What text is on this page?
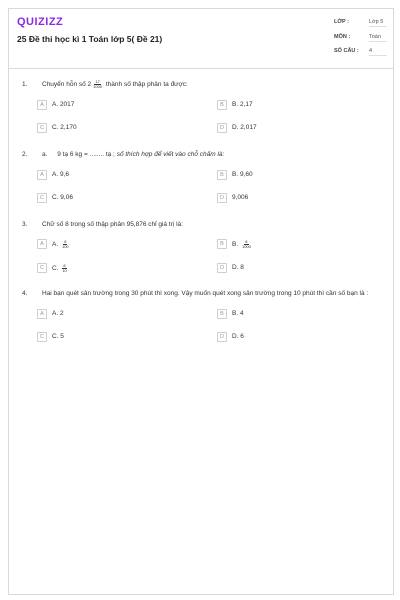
QUIZIZZ
25 Đề thi học kì 1 Toán lớp 5( Đề 21)
LỚP :	Lớp 5
MÔN :	Toán
SỐ CÂU : 4
1. Chuyển hỗn số $2 \frac{17}{1000}$ thành số thập phân ta được:
A	A. 2017	B	B. 2,17
C	C. 2,170	D	D. 2,017
2. a. 9 tạ 6 kg = ........ tạ ; số thích hợp để viết vào chỗ chấm là:
A	A. 9,6	B	B. 9,60
C	C. 9,06	D	9,006
3. Chữ số 8 trong số thập phân 95,876 chỉ giá trị là:
A	A. $\frac{8}{100}$	B	B. $\frac{8}{1000}$
C	C. $\frac{8}{10}$	D	D. 8
4. Hai bạn quét sân trường trong 30 phút thì xong. Vậy muốn quét xong sân trường trong 10 phút thì cần số bạn là :
A	A. 2	B	B. 4
C	C. 5	D	D. 6
